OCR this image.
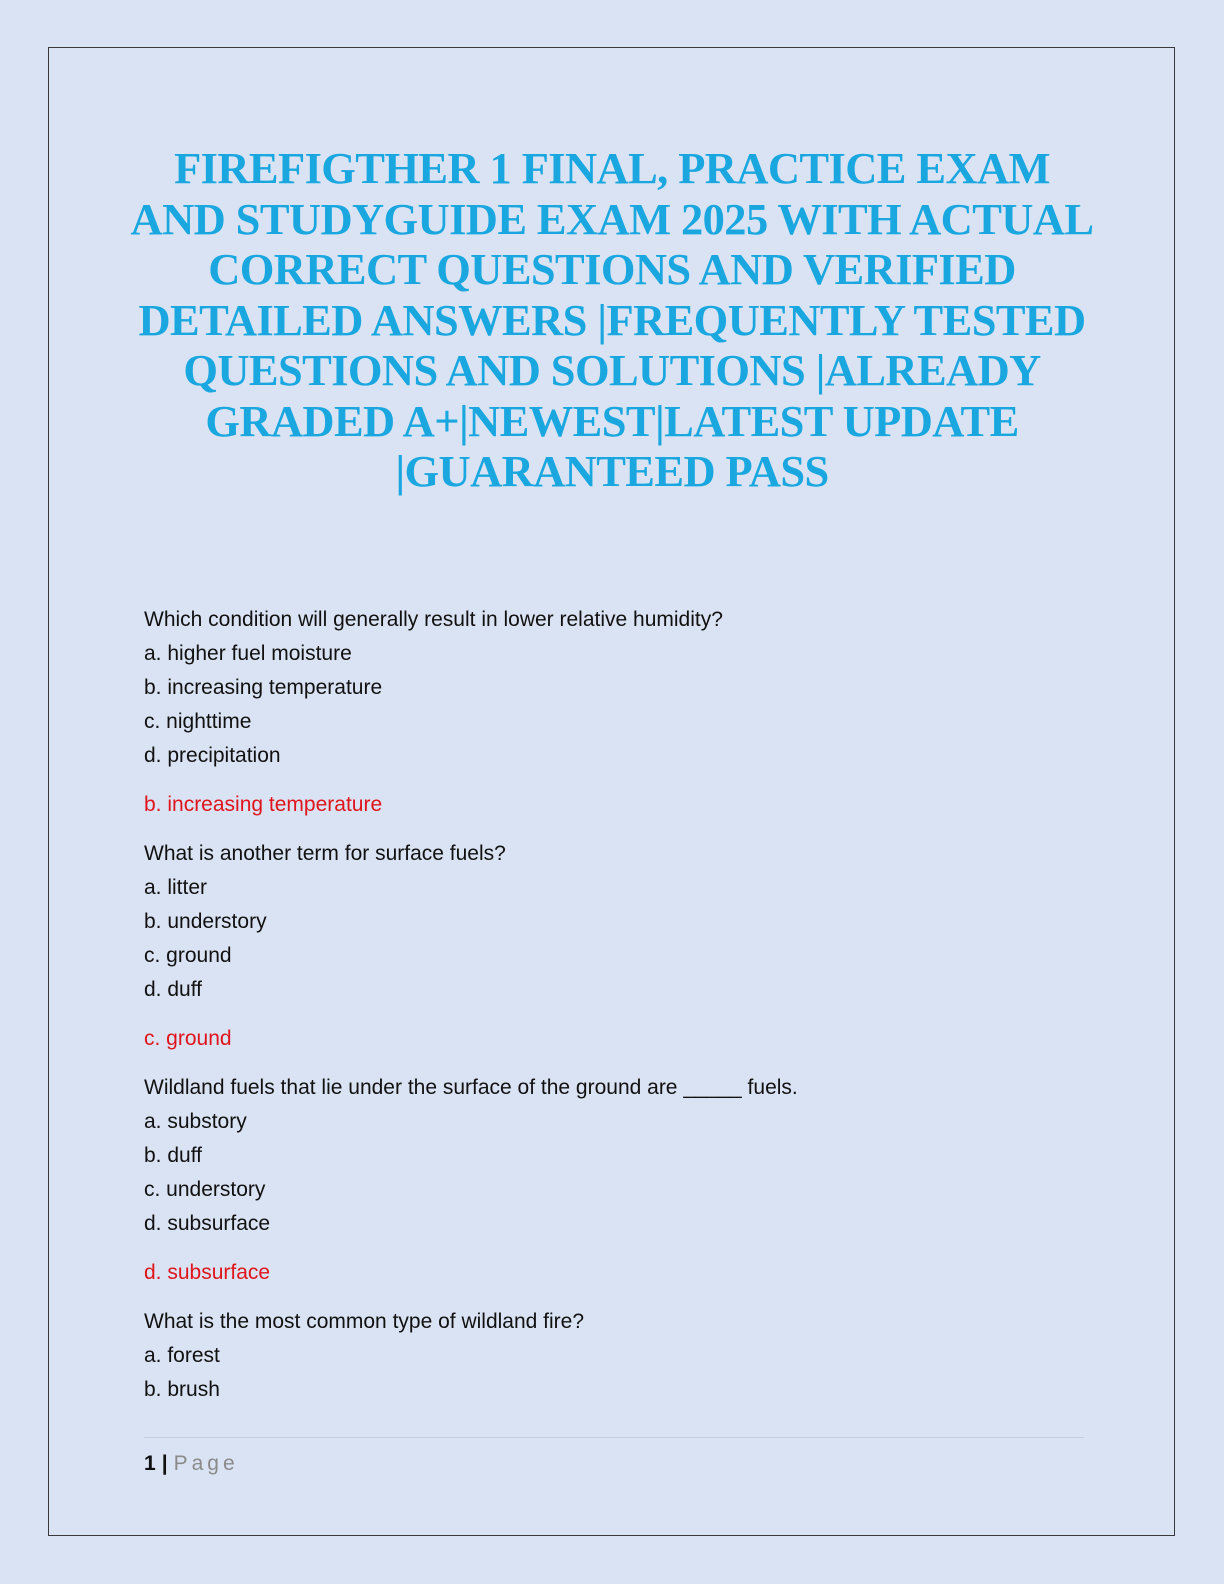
FIREFIGTHER 1 FINAL, PRACTICE EXAM AND STUDYGUIDE EXAM 2025 WITH ACTUAL CORRECT QUESTIONS AND VERIFIED DETAILED ANSWERS |FREQUENTLY TESTED QUESTIONS AND SOLUTIONS |ALREADY GRADED A+|NEWEST|LATEST UPDATE |GUARANTEED PASS
Which condition will generally result in lower relative humidity?
a. higher fuel moisture
b. increasing temperature
c. nighttime
d. precipitation
b. increasing temperature
What is another term for surface fuels?
a. litter
b. understory
c. ground
d. duff
c. ground
Wildland fuels that lie under the surface of the ground are _____ fuels.
a. substory
b. duff
c. understory
d. subsurface
d. subsurface
What is the most common type of wildland fire?
a. forest
b. brush
1 | Page
